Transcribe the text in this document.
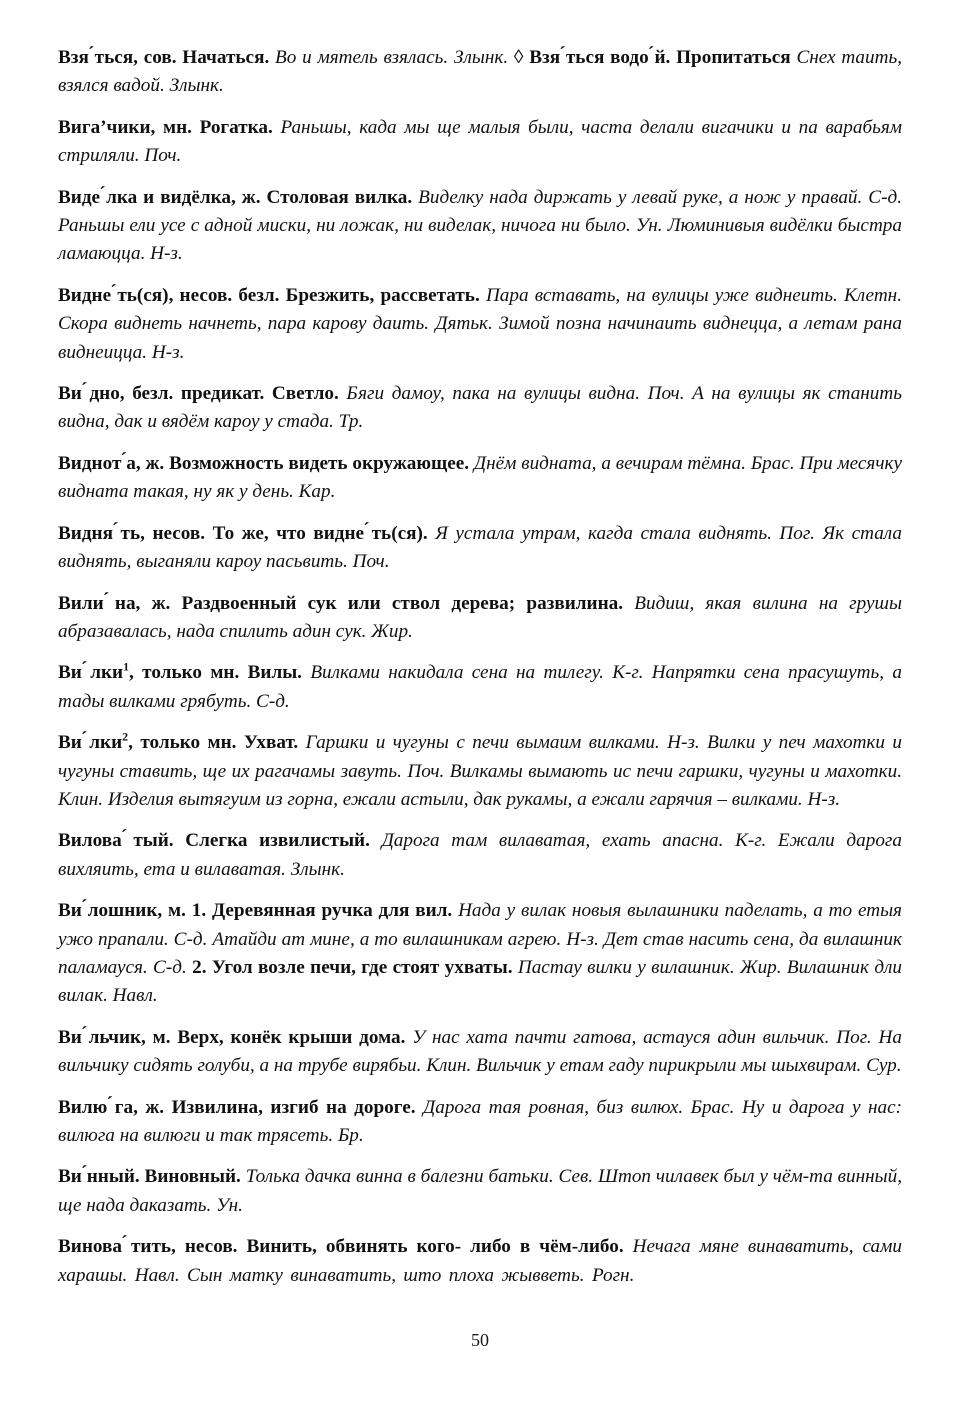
Взя ́ться, сов. Начаться. Во и мятель взялась. Злынк. ◊ Взя ́ться водо ́й. Пропитаться Снех таить, взялся вадой. Злынк.

Вига’чики, мн. Рогатка. Раньшы, када мы ще малыя были, часта делали вигачики и па варабьям стриляли. Поч.

Виде ́лка и видёлка, ж. Столовая вилка. Виделку нада диржать у левай руке, а нож у правай. С-д. Раньшы ели усе с адной миски, ни ложак, ни виделак, ничога ни было. Ун. Люминивыя видёлки быстра ламаюцца. Н-з.

Видне ́ть(ся), несов. безл. Брезжить, рассветать. Пара вставать, на вулицы уже виднеить. Клетн. Скора виднеть начнеть, пара карову даить. Дятьк. Зимой позна начинаить виднецца, а летам рана виднеицца. Н-з.

Ви ́дно, безл. предикат. Светло. Бяги дамоу, пака на вулицы видна. Поч. А на вулицы як станить видна, дак и вядём кароу у стада. Тр.

Виднот ́а, ж. Возможность видеть окружающее. Днём видната, а вечирам тёмна. Брас. При месячку видната такая, ну як у день. Кар.

Видня ́ть, несов. То же, что видне ́ть(ся). Я устала утрам, кагда стала виднять. Пог. Як стала виднять, выганяли кароу пасьвить. Поч.

Вили ́на, ж. Раздвоенный сук или ствол дерева; развилина. Видиш, якая вилина на грушы абразавалась, нада спилить адин сук. Жир.

Ви ́лки$^1$, только мн. Вилы. Вилками накидала сена на тилегу. К-г. Напрятки сена прасушуть, а тады вилками грябуть. С-д.

Ви ́лки$^2$, только мн. Ухват. Гаршки и чугуны с печи вымаим вилками. Н-з. Вилки у печ махотки и чугуны ставить, ще их рагачамы завуть. Поч. Вилкамы вымають ис печи гаршки, чугуны и махотки. Клин. Изделия вытягуим из горна, ежали астыли, дак рукамы, а ежали гарячия – вилками. Н-з.

Вилова ́тый. Слегка извилистый. Дарога там вилаватая, ехать апасна. К-г. Ежали дарога вихляить, ета и вилаватая. Злынк.

Ви ́лошник, м. 1. Деревянная ручка для вил. Нада у вилак новыя вылашники паделать, а то етыя ужо прапали. С-д. Атайди ат мине, а то вилашникам агрею. Н-з. Дет став насить сена, да вилашник паламауся. С-д. 2. Угол возле печи, где стоят ухваты. Пастау вилки у вилашник. Жир. Вилашник дли вилак. Навл.

Ви ́льчик, м. Верх, конёк крыши дома. У нас хата пачти гатова, астауся адин вильчик. Пог. На вильчику сидять голуби, а на трубе вирябьи. Клин. Вильчик у етам гаду пирикрыли мы шыхвирам. Сур.

Вилю ́га, ж. Извилина, изгиб на дороге. Дарога тая ровная, биз вилюх. Брас. Ну и дарога у нас: вилюга на вилюги и так трясеть. Бр.

Ви ́нный. Виновный. Толька дачка винна в балезни батьки. Сев. Штоп чилавек был у чём-та винный, ще нада даказать. Ун.

Винова ́тить, несов. Винить, обвинять кого- либо в чём-либо. Нечага мяне винаватить, сами харашы. Навл. Сын матку винаватить, што плоха жывветь. Рогн.

50
